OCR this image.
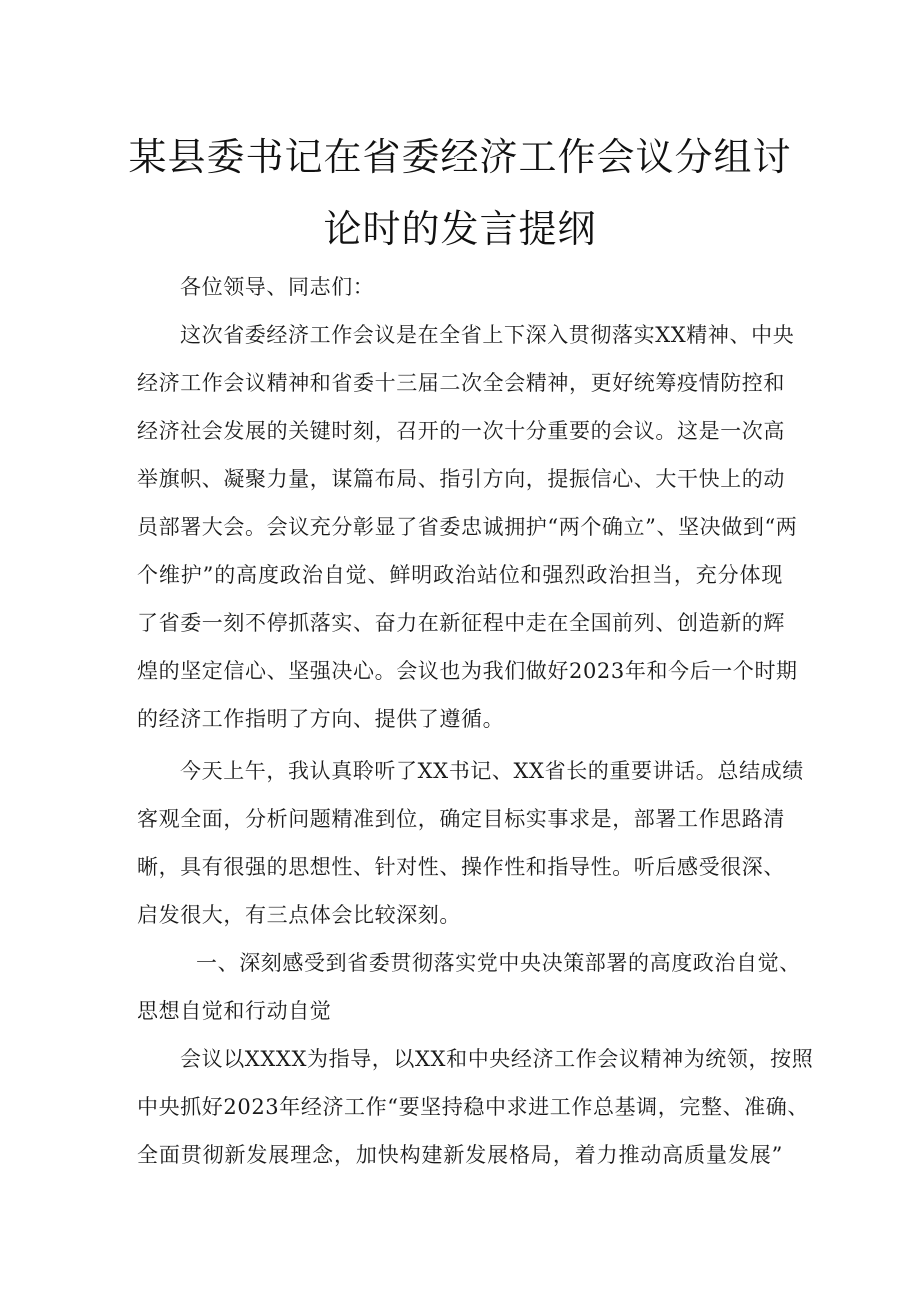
某县委书记在省委经济工作会议分组讨
论时的发言提纲
各位领导、同志们：
这次省委经济工作会议是在全省上下深入贯彻落实XX精神、中央
经济工作会议精神和省委十三届二次全会精神，更好统筹疫情防控和
经济社会发展的关键时刻，召开的一次十分重要的会议。这是一次高
举旗帜、凝聚力量，谋篇布局、指引方向，提振信心、大干快上的动
员部署大会。会议充分彰显了省委忠诚拥护“两个确立”、坚决做到“两
个维护”的高度政治自觉、鲜明政治站位和强烈政治担当，充分体现
了省委一刻不停抓落实、奋力在新征程中走在全国前列、创造新的辉
煌的坚定信心、坚强决心。会议也为我们做好2023年和今后一个时期
的经济工作指明了方向、提供了遵循。
今天上午，我认真聆听了XX书记、XX省长的重要讲话。总结成绩
客观全面，分析问题精准到位，确定目标实事求是，部署工作思路清
晰，具有很强的思想性、针对性、操作性和指导性。听后感受很深、
启发很大，有三点体会比较深刻。
一、深刻感受到省委贯彻落实党中央决策部署的高度政治自觉、
思想自觉和行动自觉
会议以XXXX为指导，以XX和中央经济工作会议精神为统领，按照
中央抓好2023年经济工作“要坚持稳中求进工作总基调，完整、准确、
全面贯彻新发展理念，加快构建新发展格局，着力推动高质量发展”
